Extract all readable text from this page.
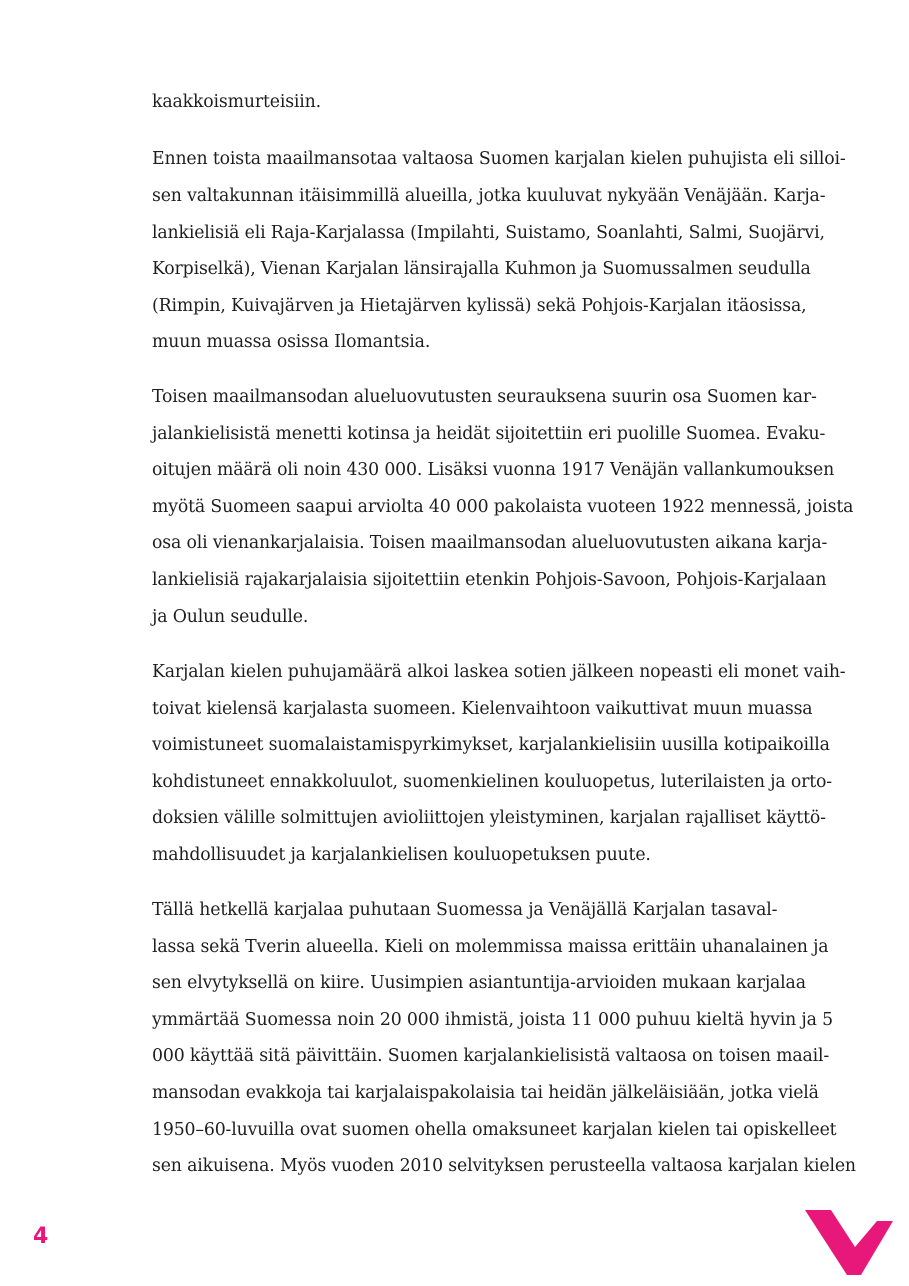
kaakkoismurteisiin.
Ennen toista maailmansotaa valtaosa Suomen karjalan kielen puhujista eli silloi-
sen valtakunnan itäisimmillä alueilla, jotka kuuluvat nykyään Venäjään. Karja-
lankielisiä eli Raja-Karjalassa (Impilahti, Suistamo, Soanlahti, Salmi, Suojärvi,
Korpiselkä), Vienan Karjalan länsirajalla Kuhmon ja Suomussalmen seudulla
(Rimpin, Kuivajärven ja Hietajärven kylissä) sekä Pohjois-Karjalan itäosissa,
muun muassa osissa Ilomantsia.
Toisen maailmansodan alueluovutusten seurauksena suurin osa Suomen kar-
jalankielisistä menetti kotinsa ja heidät sijoitettiin eri puolille Suomea. Evaku-
oitujen määrä oli noin 430 000. Lisäksi vuonna 1917 Venäjän vallankumouksen
myötä Suomeen saapui arviolta 40 000 pakolaista vuoteen 1922 mennessä, joista
osa oli vienankarjalaisia. Toisen maailmansodan alueluovutusten aikana karja-
lankielisiä rajakarjalaisia sijoitettiin etenkin Pohjois-Savoon, Pohjois-Karjalaan
ja Oulun seudulle.
Karjalan kielen puhujamäärä alkoi laskea sotien jälkeen nopeasti eli monet vaih-
toivat kielensä karjalasta suomeen. Kielenvaihtoon vaikuttivat muun muassa
voimistuneet suomalaistamispyrkimykset, karjalankielisiin uusilla kotipaikoilla
kohdistuneet ennakkoluulot, suomenkielinen kouluopetus, luterilaisten ja orto-
doksien välille solmittujen avioliittojen yleistyminen, karjalan rajalliset käyttö-
mahdollisuudet ja karjalankielisen kouluopetuksen puute.
Tällä hetkellä karjalaa puhutaan Suomessa ja Venäjällä Karjalan tasaval-
lassa sekä Tverin alueella. Kieli on molemmissa maissa erittäin uhanalainen ja
sen elvytyksellä on kiire. Uusimpien asiantuntija-arvioiden mukaan karjalaa
ymmärtää Suomessa noin 20 000 ihmistä, joista 11 000 puhuu kieltä hyvin ja 5
000 käyttää sitä päivittäin. Suomen karjalankielisistä valtaosa on toisen maail-
mansodan evakkoja tai karjalaispakolaisia tai heidän jälkeläisiään, jotka vielä
1950–60-luvuilla ovat suomen ohella omaksuneet karjalan kielen tai opiskelleet
sen aikuisena. Myös vuoden 2010 selvityksen perusteella valtaosa karjalan kielen
4
